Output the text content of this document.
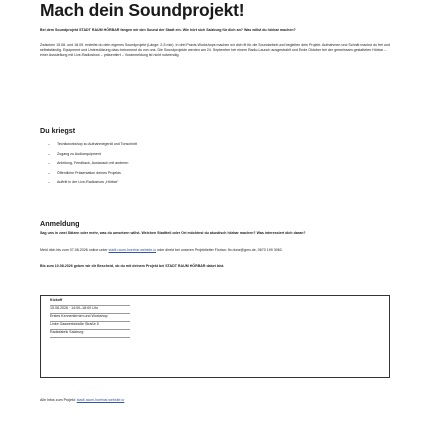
Mach dein Soundprojekt!
Bei dem Soundprojekt STADT RAUM HÖRBAR fangen wir den Sound der Stadt ein. Wie hört sich Salzburg für dich an? Was willst du hörbar machen?

Zwischen 15.08. und 18.09. erstellst du dein eigenes Soundprojekt (Länge: 2-5 min). In drei Praxis-Workshops machen wir dich fit für die Soundarbeit und begleiten dein Projekt. Aufnahmen und Schnitt machst du frei und selbstständig. Equipment und Unterstützung dazu bekommst du von uns. Die Soundprojekte werden am 24. September bei einem Radio-Launch ausgestrahlt und Ende Oktober bei der gemeinsam gestalteten Hörbar – einer Ausstellung mit Live-Radioshow – präsentiert – Voranmeldung ist nicht notwendig.

Du kriegst
– Tecnikworkshop zu Aufnahmegerät und Tonschnitt
– Zugang zu Audioequipment
– Anleitung, Feedback, Austausch mit anderen
– Öffentliche Präsentation deines Projekts
– Auftritt in der Live-Radioshow „Hörbar“
Anmeldung
Sag uns in zwei Sätzen oder mehr, was du umsetzen willst. Welchen Stadtteil oder Ort möchtest du akustisch hörbar machen? Was interessiert dich daran?
Meld dich bis zum 07.08.2026 online unter stadt-raum-hoerbar.website.io oder direkt bei unseren Projektleiter Florian: flo.dunz@gmx.de, 0670 199 3062.
Bis zum 10.08.2026 geben wir dir Bescheid, ob du mit deinem Projekt bei STADT RAUM HÖRBAR dabei bist.
Kickoff
15.08.2026 · 14:00–18:00 Uhr
Erstes Kennenlernen und Workshop
Linke Gaswerkstraße Straße 5
Radiofabrik Salzburg
Alle Infos zum Projekt: stadt-raum-hoerbar.website.io
